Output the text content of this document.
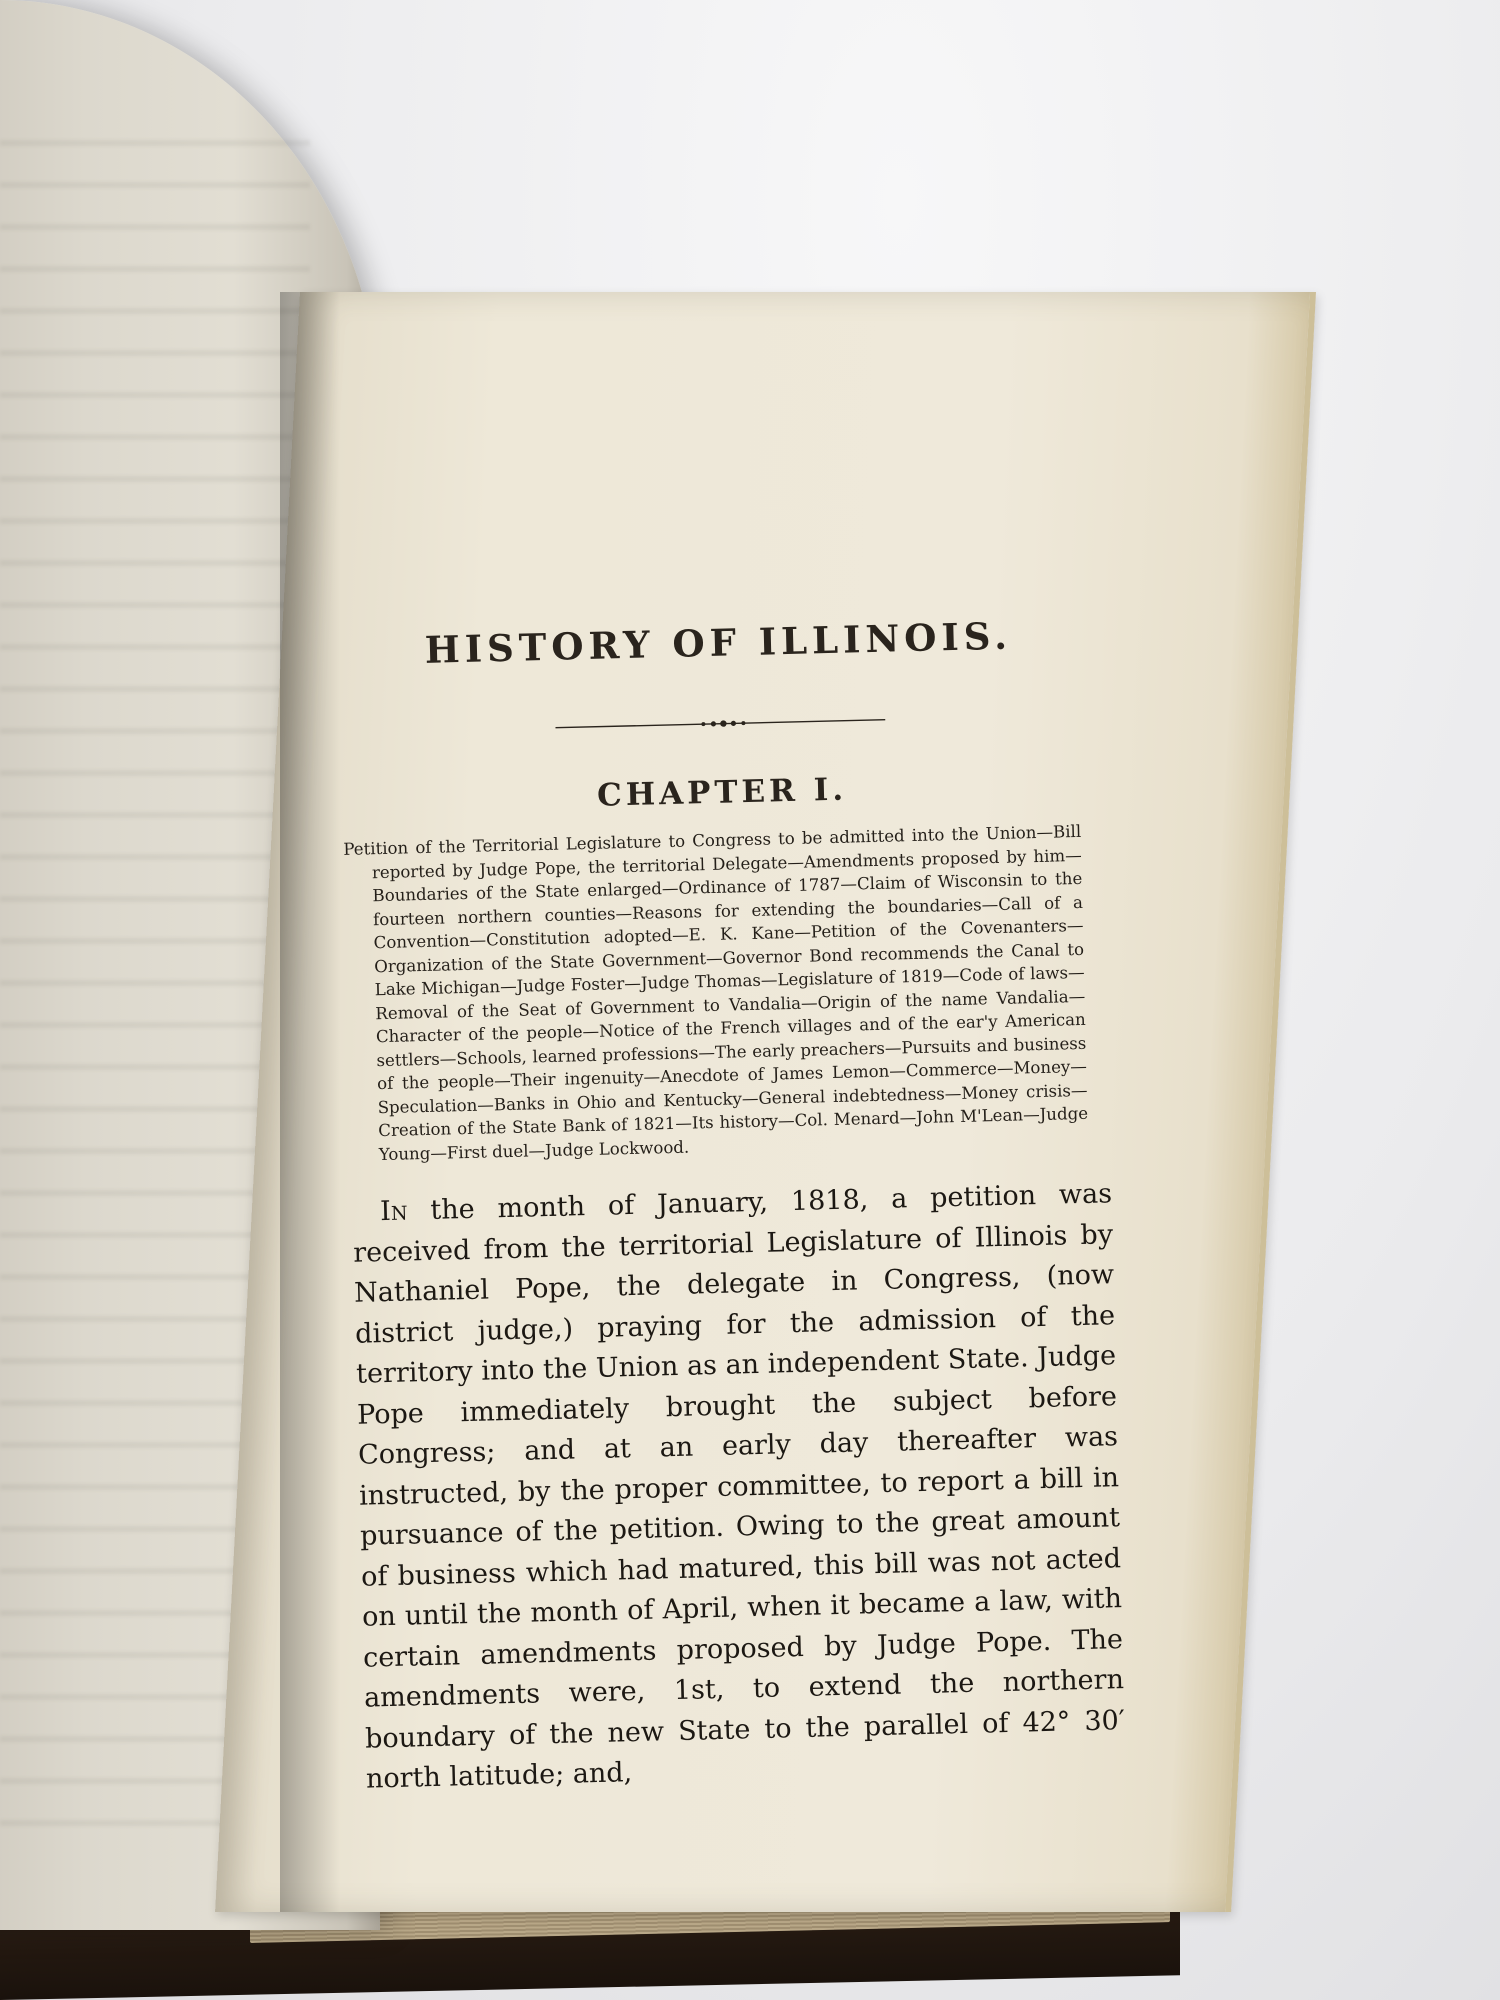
HISTORY OF ILLINOIS.
CHAPTER I.

Petition of the Territorial Legislature to Congress to be admitted into the Union—Bill reported by Judge Pope, the territorial Delegate—Amendments proposed by him—Boundaries of the State enlarged—Ordinance of 1787—Claim of Wisconsin to the fourteen northern counties—Reasons for extending the boundaries—Call of a Convention—Constitution adopted—E. K. Kane—Petition of the Covenanters—Organization of the State Government—Governor Bond recommends the Canal to Lake Michigan—Judge Foster—Judge Thomas—Legislature of 1819—Code of laws—Removal of the Seat of Government to Vandalia—Origin of the name Vandalia—Character of the people—Notice of the French villages and of the ear'y American settlers—Schools, learned professions—The early preachers—Pursuits and business of the people—Their ingenuity—Anecdote of James Lemon—Commerce—Money—Speculation—Banks in Ohio and Kentucky—General indebtedness—Money crisis—Creation of the State Bank of 1821—Its history—Col. Menard—John M'Lean—Judge Young—First duel—Judge Lockwood.

In the month of January, 1818, a petition was received from the territorial Legislature of Illinois by Nathaniel Pope, the delegate in Congress, (now district judge,) praying for the admission of the territory into the Union as an independent State. Judge Pope immediately brought the subject before Congress; and at an early day thereafter was instructed, by the proper committee, to report a bill in pursuance of the petition. Owing to the great amount of business which had matured, this bill was not acted on until the month of April, when it became a law, with certain amendments proposed by Judge Pope. The amendments were, 1st, to extend the northern boundary of the new State to the parallel of 42° 30′ north latitude; and,
